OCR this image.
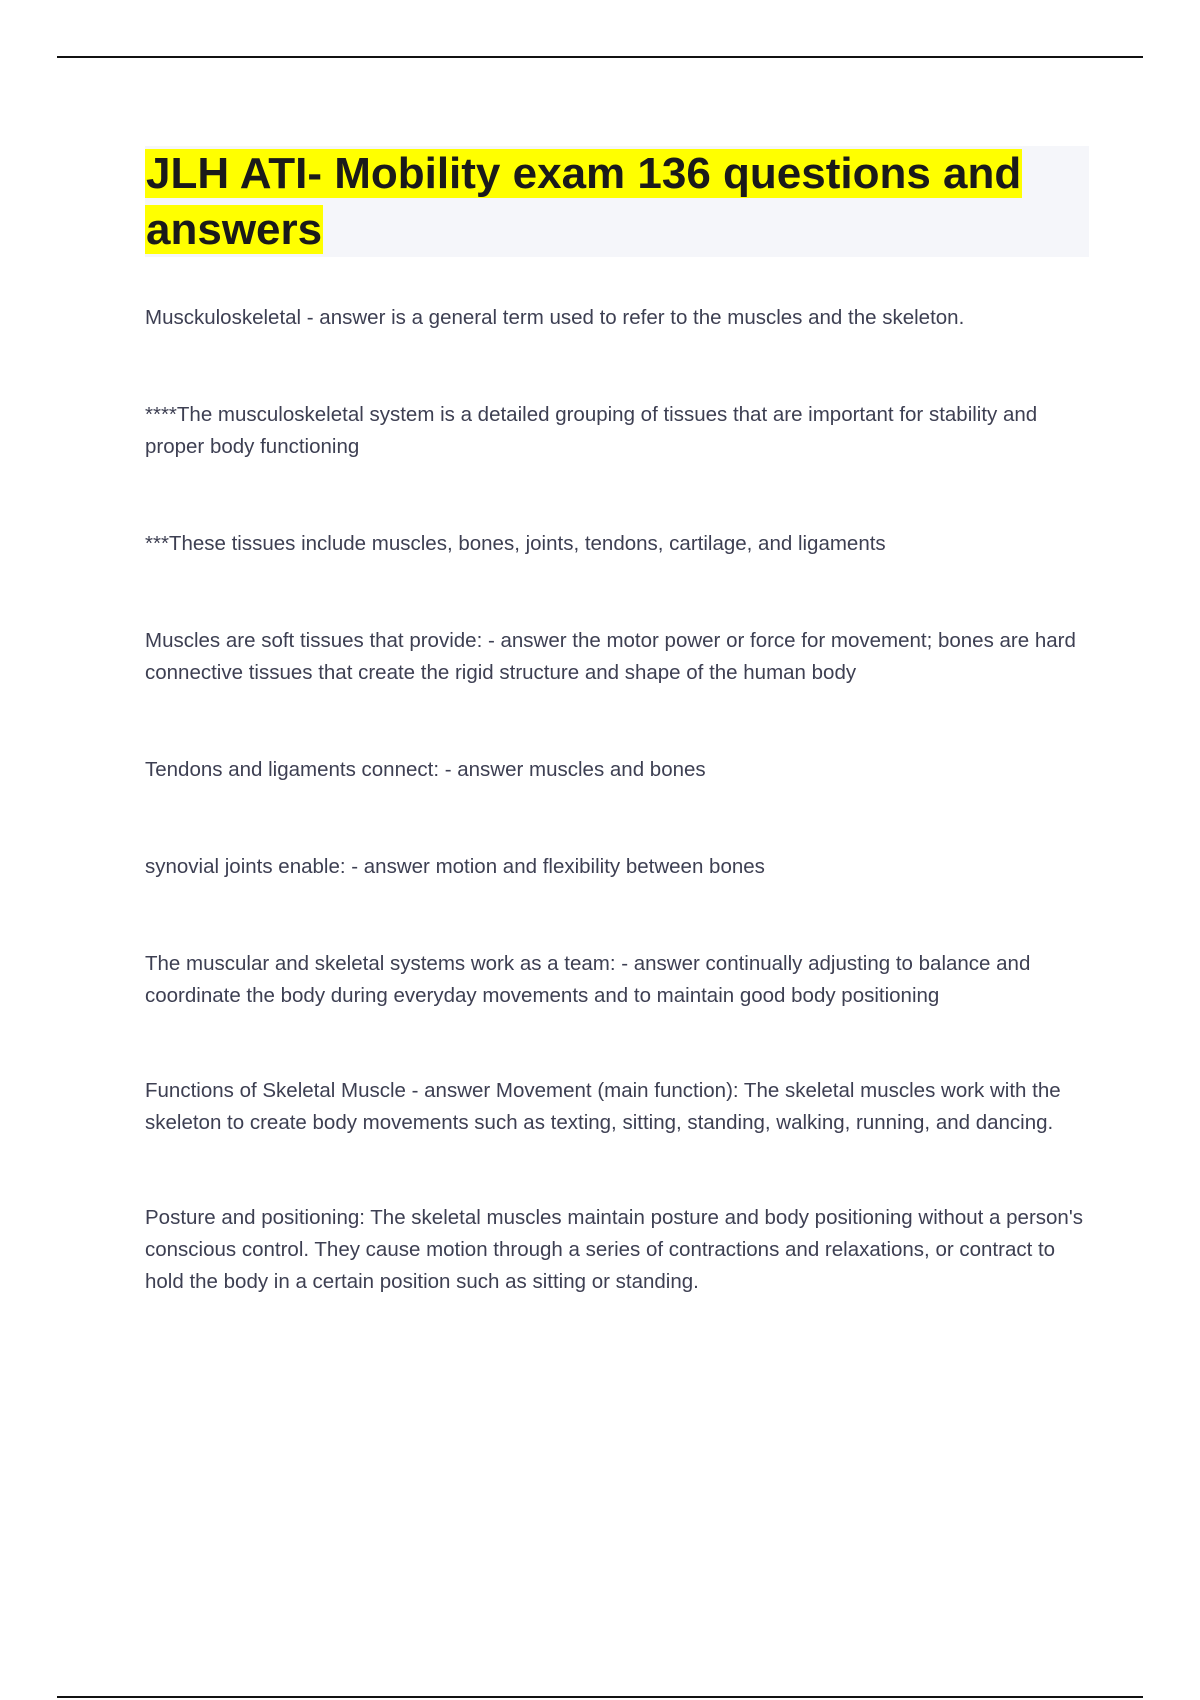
JLH ATI- Mobility exam 136 questions and answers

Musckuloskeletal - answer is a general term used to refer to the muscles and the skeleton.

****The musculoskeletal system is a detailed grouping of tissues that are important for stability and proper body functioning

***These tissues include muscles, bones, joints, tendons, cartilage, and ligaments

Muscles are soft tissues that provide: - answer the motor power or force for movement; bones are hard connective tissues that create the rigid structure and shape of the human body

Tendons and ligaments connect: - answer muscles and bones

synovial joints enable: - answer motion and flexibility between bones

The muscular and skeletal systems work as a team: - answer continually adjusting to balance and coordinate the body during everyday movements and to maintain good body positioning

Functions of Skeletal Muscle - answer Movement (main function): The skeletal muscles work with the skeleton to create body movements such as texting, sitting, standing, walking, running, and dancing.

Posture and positioning: The skeletal muscles maintain posture and body positioning without a person's conscious control. They cause motion through a series of contractions and relaxations, or contract to hold the body in a certain position such as sitting or standing.
